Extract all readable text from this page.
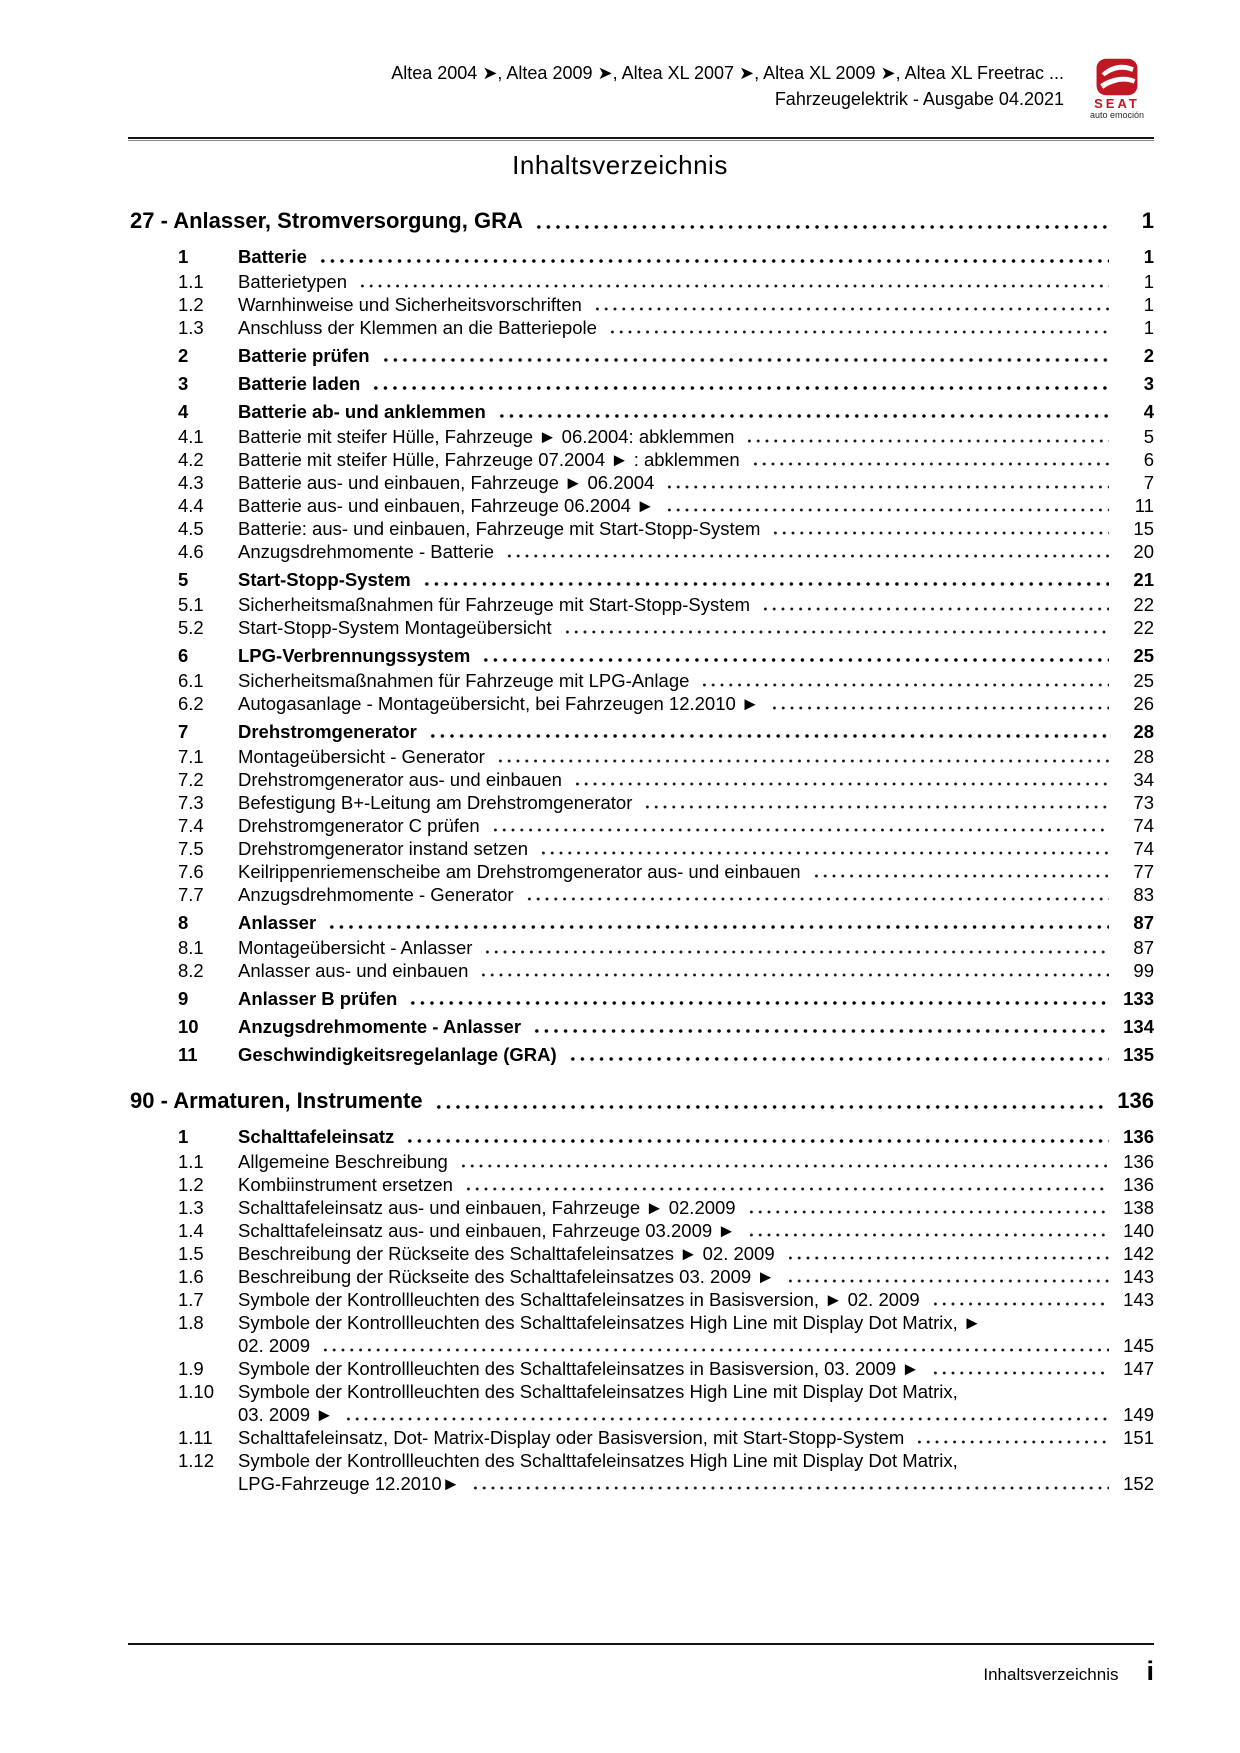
Altea 2004 ➤, Altea 2009 ➤, Altea XL 2007 ➤, Altea XL 2009 ➤, Altea XL Freetrac ...
Fahrzeugelektrik - Ausgabe 04.2021	SEAT
auto emoción
Inhaltsverzeichnis
27 - Anlasser, Stromversorgung, GRA	1
1	Batterie	1
1.1	Batterietypen	1
1.2	Warnhinweise und Sicherheitsvorschriften	1
1.3	Anschluss der Klemmen an die Batteriepole	1
2	Batterie prüfen	2
3	Batterie laden	3
4	Batterie ab- und anklemmen	4
4.1	Batterie mit steifer Hülle, Fahrzeuge ► 06.2004: abklemmen	5
4.2	Batterie mit steifer Hülle, Fahrzeuge 07.2004 ► : abklemmen	6
4.3	Batterie aus- und einbauen, Fahrzeuge ► 06.2004	7
4.4	Batterie aus- und einbauen, Fahrzeuge 06.2004 ►	11
4.5	Batterie: aus- und einbauen, Fahrzeuge mit Start-Stopp-System	15
4.6	Anzugsdrehmomente - Batterie	20
5	Start-Stopp-System	21
5.1	Sicherheitsmaßnahmen für Fahrzeuge mit Start-Stopp-System	22
5.2	Start-Stopp-System Montageübersicht	22
6	LPG-Verbrennungssystem	25
6.1	Sicherheitsmaßnahmen für Fahrzeuge mit LPG-Anlage	25
6.2	Autogasanlage - Montageübersicht, bei Fahrzeugen 12.2010 ►	26
7	Drehstromgenerator	28
7.1	Montageübersicht - Generator	28
7.2	Drehstromgenerator aus- und einbauen	34
7.3	Befestigung B+-Leitung am Drehstromgenerator	73
7.4	Drehstromgenerator C prüfen	74
7.5	Drehstromgenerator instand setzen	74
7.6	Keilrippenriemenscheibe am Drehstromgenerator aus- und einbauen	77
7.7	Anzugsdrehmomente - Generator	83
8	Anlasser	87
8.1	Montageübersicht - Anlasser	87
8.2	Anlasser aus- und einbauen	99
9	Anlasser B prüfen	133
10	Anzugsdrehmomente - Anlasser	134
11	Geschwindigkeitsregelanlage (GRA)	135
90 - Armaturen, Instrumente	136
1	Schalttafeleinsatz	136
1.1	Allgemeine Beschreibung	136
1.2	Kombiinstrument ersetzen	136
1.3	Schalttafeleinsatz aus- und einbauen, Fahrzeuge ► 02.2009	138
1.4	Schalttafeleinsatz aus- und einbauen, Fahrzeuge 03.2009 ►	140
1.5	Beschreibung der Rückseite des Schalttafeleinsatzes ► 02. 2009	142
1.6	Beschreibung der Rückseite des Schalttafeleinsatzes 03. 2009 ►	143
1.7	Symbole der Kontrollleuchten des Schalttafeleinsatzes in Basisversion, ► 02. 2009	143
1.8	Symbole der Kontrollleuchten des Schalttafeleinsatzes High Line mit Display Dot Matrix, ►
02. 2009	145
1.9	Symbole der Kontrollleuchten des Schalttafeleinsatzes in Basisversion, 03. 2009 ►	147
1.10	Symbole der Kontrollleuchten des Schalttafeleinsatzes High Line mit Display Dot Matrix,
03. 2009 ►	149
1.11	Schalttafeleinsatz, Dot- Matrix-Display oder Basisversion, mit Start-Stopp-System	151
1.12	Symbole der Kontrollleuchten des Schalttafeleinsatzes High Line mit Display Dot Matrix,
LPG-Fahrzeuge 12.2010►	152
Inhaltsverzeichnis i
